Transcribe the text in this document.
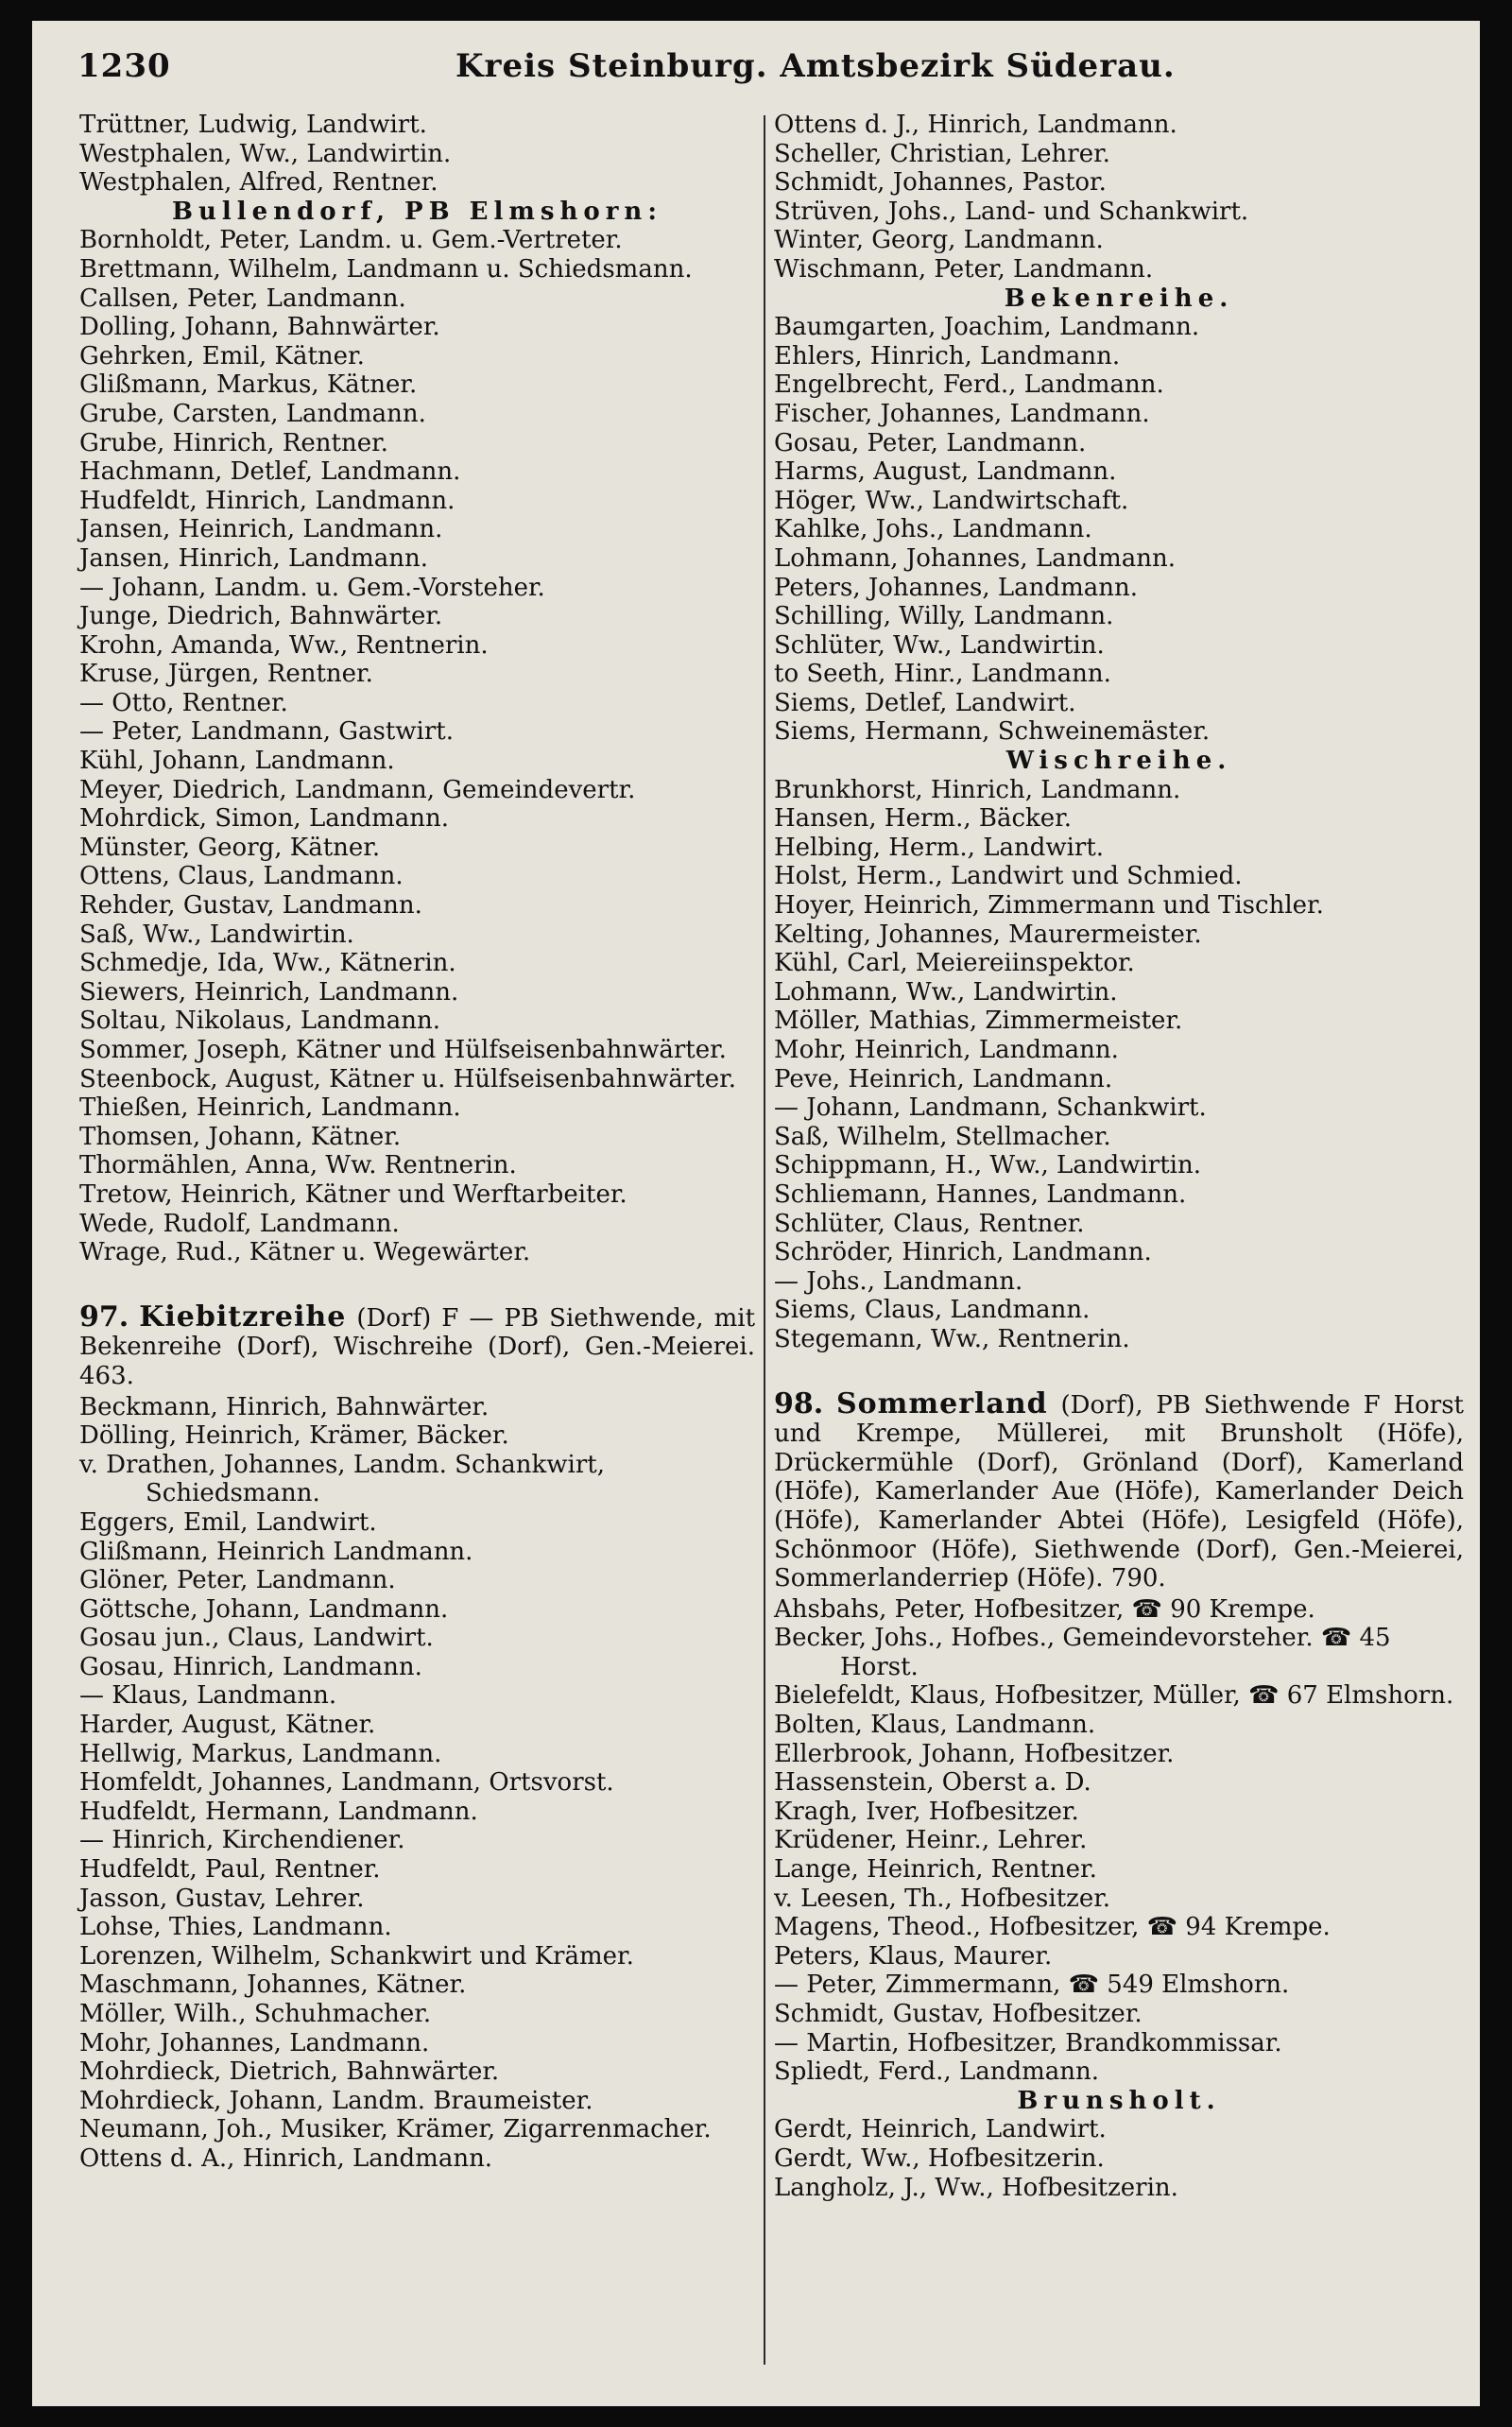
1230	Kreis Steinburg. Amtsbezirk Süderau.
Trüttner, Ludwig, Landwirt.
Westphalen, Ww., Landwirtin.
Westphalen, Alfred, Rentner.
Bullendorf, PB Elmshorn:
Bornholdt, Peter, Landm. u. Gem.-Vertreter.
Brettmann, Wilhelm, Landmann u. Schiedsmann.
Callsen, Peter, Landmann.
Dolling, Johann, Bahnwärter.
Gehrken, Emil, Kätner.
Glißmann, Markus, Kätner.
Grube, Carsten, Landmann.
Grube, Hinrich, Rentner.
Hachmann, Detlef, Landmann.
Hudfeldt, Hinrich, Landmann.
Jansen, Heinrich, Landmann.
Jansen, Hinrich, Landmann.
— Johann, Landm. u. Gem.-Vorsteher.
Junge, Diedrich, Bahnwärter.
Krohn, Amanda, Ww., Rentnerin.
Kruse, Jürgen, Rentner.
— Otto, Rentner.
— Peter, Landmann, Gastwirt.
Kühl, Johann, Landmann.
Meyer, Diedrich, Landmann, Gemeindevertr.
Mohrdick, Simon, Landmann.
Münster, Georg, Kätner.
Ottens, Claus, Landmann.
Rehder, Gustav, Landmann.
Saß, Ww., Landwirtin.
Schmedje, Ida, Ww., Kätnerin.
Siewers, Heinrich, Landmann.
Soltau, Nikolaus, Landmann.
Sommer, Joseph, Kätner und Hülfseisenbahnwärter.
Steenbock, August, Kätner u. Hülfseisenbahnwärter.
Thießen, Heinrich, Landmann.
Thomsen, Johann, Kätner.
Thormählen, Anna, Ww. Rentnerin.
Tretow, Heinrich, Kätner und Werftarbeiter.
Wede, Rudolf, Landmann.
Wrage, Rud., Kätner u. Wegewärter.
97. Kiebitzreihe (Dorf) F — PB Siethwende, mit Bekenreihe (Dorf), Wischreihe (Dorf), Gen.-Meierei. 463.
Beckmann, Hinrich, Bahnwärter.
Dölling, Heinrich, Krämer, Bäcker.
v. Drathen, Johannes, Landm. Schankwirt, Schiedsmann.
Eggers, Emil, Landwirt.
Glißmann, Heinrich Landmann.
Glöner, Peter, Landmann.
Göttsche, Johann, Landmann.
Gosau jun., Claus, Landwirt.
Gosau, Hinrich, Landmann.
— Klaus, Landmann.
Harder, August, Kätner.
Hellwig, Markus, Landmann.
Homfeldt, Johannes, Landmann, Ortsvorst.
Hudfeldt, Hermann, Landmann.
— Hinrich, Kirchendiener.
Hudfeldt, Paul, Rentner.
Jasson, Gustav, Lehrer.
Lohse, Thies, Landmann.
Lorenzen, Wilhelm, Schankwirt und Krämer.
Maschmann, Johannes, Kätner.
Möller, Wilh., Schuhmacher.
Mohr, Johannes, Landmann.
Mohrdieck, Dietrich, Bahnwärter.
Mohrdieck, Johann, Landm. Braumeister.
Neumann, Joh., Musiker, Krämer, Zigarrenmacher.
Ottens d. A., Hinrich, Landmann.
Ottens d. J., Hinrich, Landmann.
Scheller, Christian, Lehrer.
Schmidt, Johannes, Pastor.
Strüven, Johs., Land- und Schankwirt.
Winter, Georg, Landmann.
Wischmann, Peter, Landmann.
Bekenreihe.
Baumgarten, Joachim, Landmann.
Ehlers, Hinrich, Landmann.
Engelbrecht, Ferd., Landmann.
Fischer, Johannes, Landmann.
Gosau, Peter, Landmann.
Harms, August, Landmann.
Höger, Ww., Landwirtschaft.
Kahlke, Johs., Landmann.
Lohmann, Johannes, Landmann.
Peters, Johannes, Landmann.
Schilling, Willy, Landmann.
Schlüter, Ww., Landwirtin.
to Seeth, Hinr., Landmann.
Siems, Detlef, Landwirt.
Siems, Hermann, Schweinemäster.
Wischreihe.
Brunkhorst, Hinrich, Landmann.
Hansen, Herm., Bäcker.
Helbing, Herm., Landwirt.
Holst, Herm., Landwirt und Schmied.
Hoyer, Heinrich, Zimmermann und Tischler.
Kelting, Johannes, Maurermeister.
Kühl, Carl, Meiereiinspektor.
Lohmann, Ww., Landwirtin.
Möller, Mathias, Zimmermeister.
Mohr, Heinrich, Landmann.
Peve, Heinrich, Landmann.
— Johann, Landmann, Schankwirt.
Saß, Wilhelm, Stellmacher.
Schippmann, H., Ww., Landwirtin.
Schliemann, Hannes, Landmann.
Schlüter, Claus, Rentner.
Schröder, Hinrich, Landmann.
— Johs., Landmann.
Siems, Claus, Landmann.
Stegemann, Ww., Rentnerin.
98. Sommerland (Dorf), PB Siethwende F Horst und Krempe, Müllerei, mit Brunsholt (Höfe), Drückermühle (Dorf), Grönland (Dorf), Kamerland (Höfe), Kamerlander Aue (Höfe), Kamerlander Deich (Höfe), Kamerlander Abtei (Höfe), Lesigfeld (Höfe), Schönmoor (Höfe), Siethwende (Dorf), Gen.-Meierei, Sommerlanderriep (Höfe). 790.
Ahsbahs, Peter, Hofbesitzer, ☎ 90 Krempe.
Becker, Johs., Hofbes., Gemeindevorsteher. ☎ 45 Horst.
Bielefeldt, Klaus, Hofbesitzer, Müller, ☎ 67 Elmshorn.
Bolten, Klaus, Landmann.
Ellerbrook, Johann, Hofbesitzer.
Hassenstein, Oberst a. D.
Kragh, Iver, Hofbesitzer.
Krüdener, Heinr., Lehrer.
Lange, Heinrich, Rentner.
v. Leesen, Th., Hofbesitzer.
Magens, Theod., Hofbesitzer, ☎ 94 Krempe.
Peters, Klaus, Maurer.
— Peter, Zimmermann, ☎ 549 Elmshorn.
Schmidt, Gustav, Hofbesitzer.
— Martin, Hofbesitzer, Brandkommissar.
Spliedt, Ferd., Landmann.
Brunsholt.
Gerdt, Heinrich, Landwirt.
Gerdt, Ww., Hofbesitzerin.
Langholz, J., Ww., Hofbesitzerin.
